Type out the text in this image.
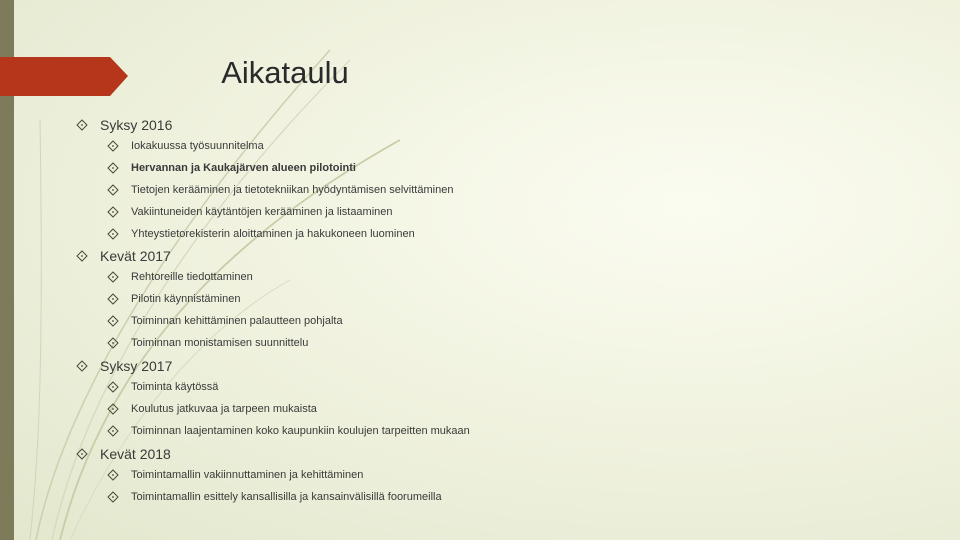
Aikataulu
Syksy 2016
Iokakuussa työsuunnitelma
Hervannan ja Kaukajärven alueen pilotointi
Tietojen kerääminen ja tietotekniikan hyödyntämisen selvittäminen
Vakiintuneiden käytäntöjen kerääminen ja listaaminen
Yhteystietorekisterin aloittaminen ja hakukoneen luominen
Kevät 2017
Rehtoreille tiedottaminen
Pilotin käynnistäminen
Toiminnan kehittäminen palautteen pohjalta
Toiminnan monistamisen suunnittelu
Syksy 2017
Toiminta käytössä
Koulutus jatkuvaa ja tarpeen mukaista
Toiminnan laajentaminen koko kaupunkiin koulujen tarpeitten mukaan
Kevät 2018
Toimintamallin vakiinnuttaminen ja kehittäminen
Toimintamallin esittely kansallisilla ja kansainvälisillä foorumeilla
